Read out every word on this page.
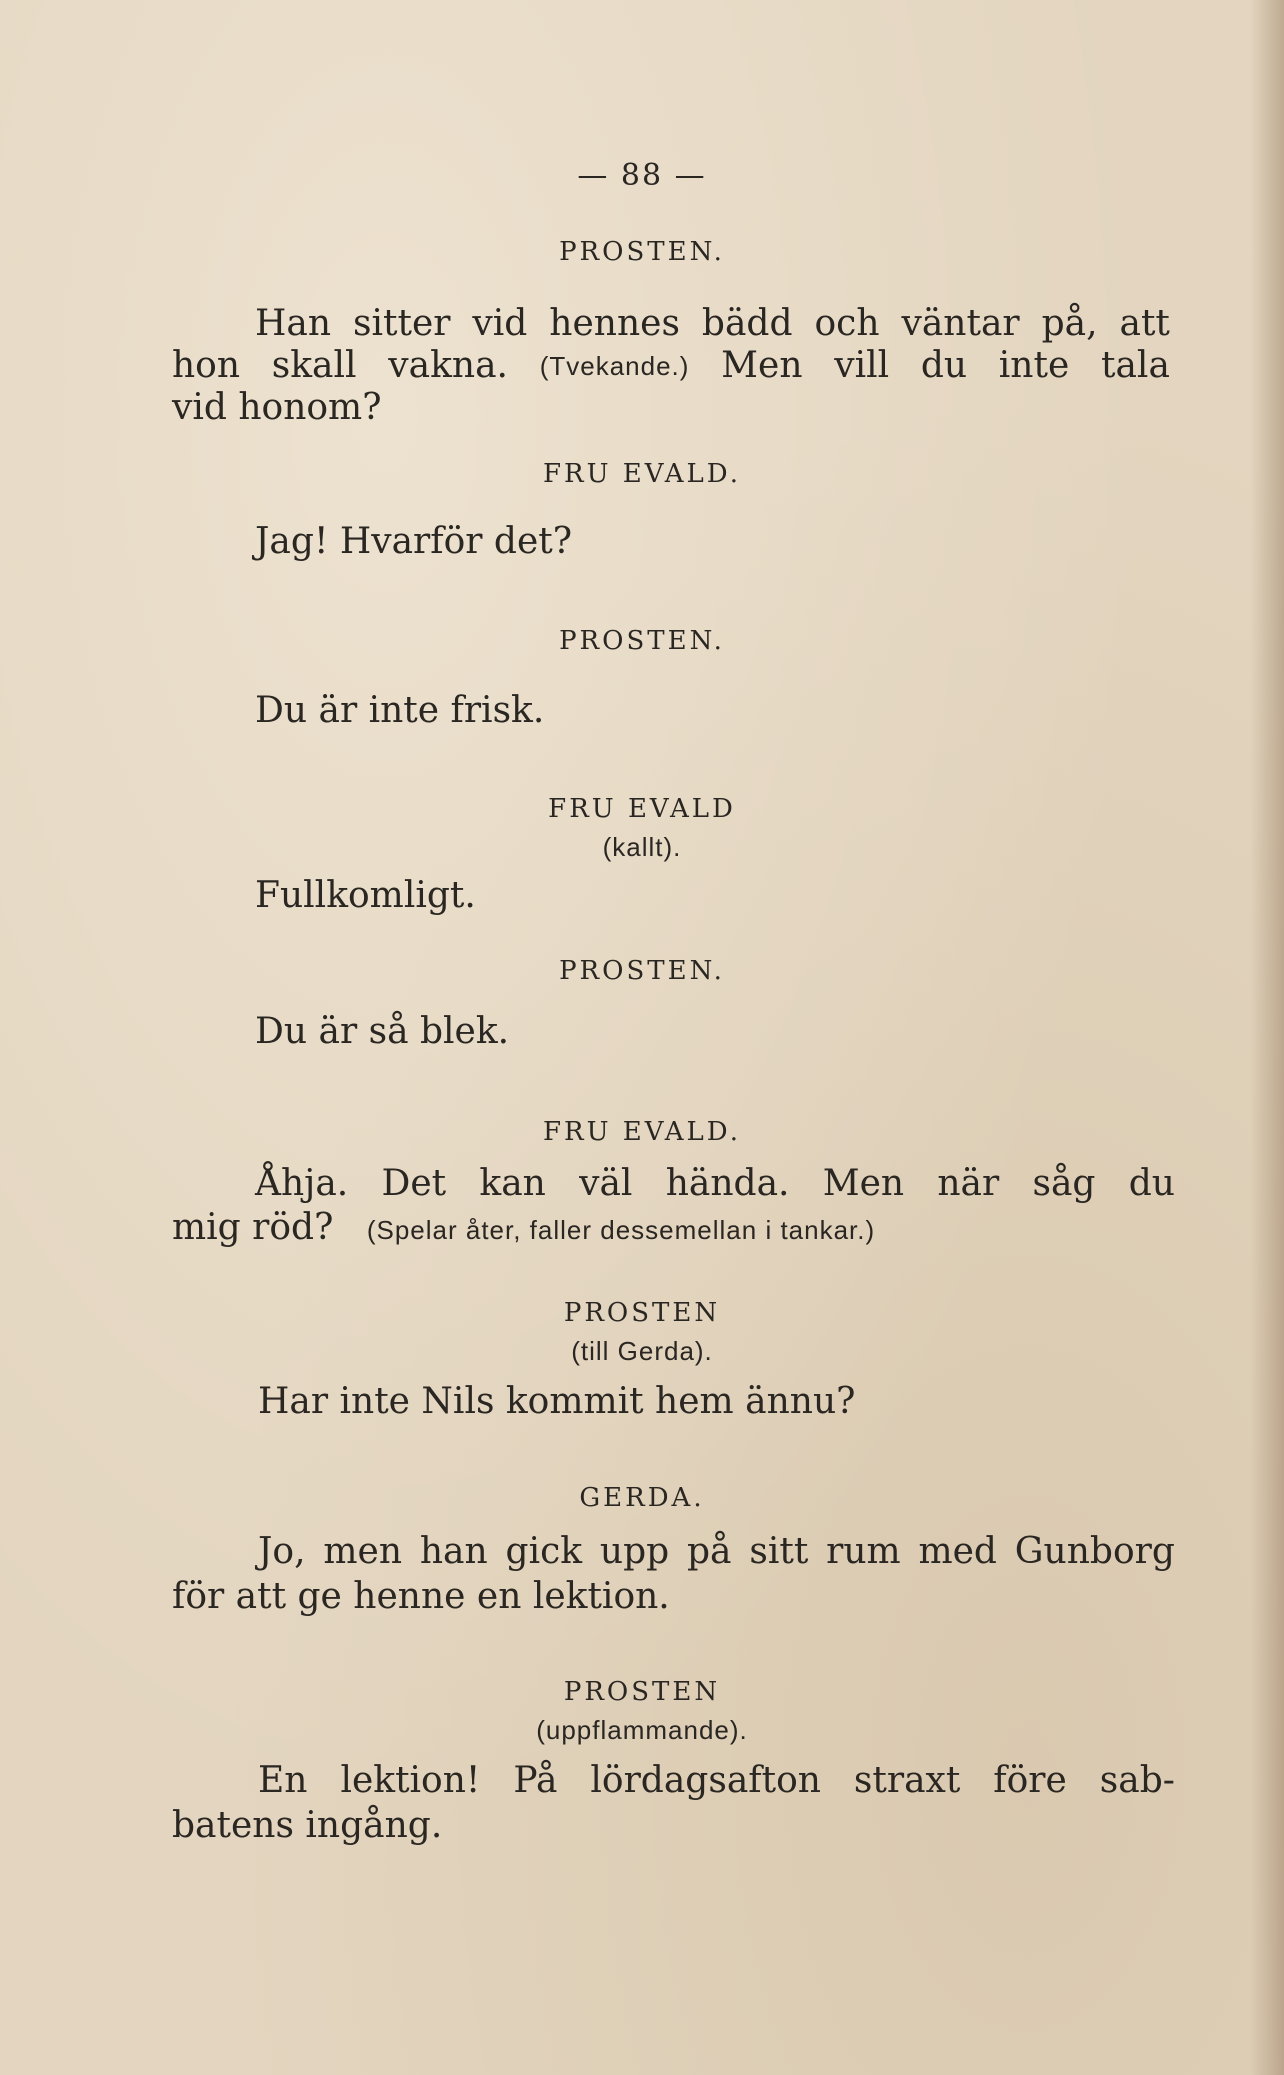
— 88 —
PROSTEN.
Han sitter vid hennes bädd och väntar på, att
hon skall vakna. (Tvekande.) Men vill du inte tala
vid honom?
FRU EVALD.
Jag! Hvarför det?
PROSTEN.
Du är inte frisk.
FRU EVALD
(kallt).
Fullkomligt.
PROSTEN.
Du är så blek.
FRU EVALD.
Åhja. Det kan väl hända. Men när såg du
mig röd? (Spelar åter, faller dessemellan i tankar.)
PROSTEN
(till Gerda).
Har inte Nils kommit hem ännu?
GERDA.
Jo, men han gick upp på sitt rum med Gunborg
för att ge henne en lektion.
PROSTEN
(uppflammande).
En lektion! På lördagsafton straxt före sab-
batens ingång.
